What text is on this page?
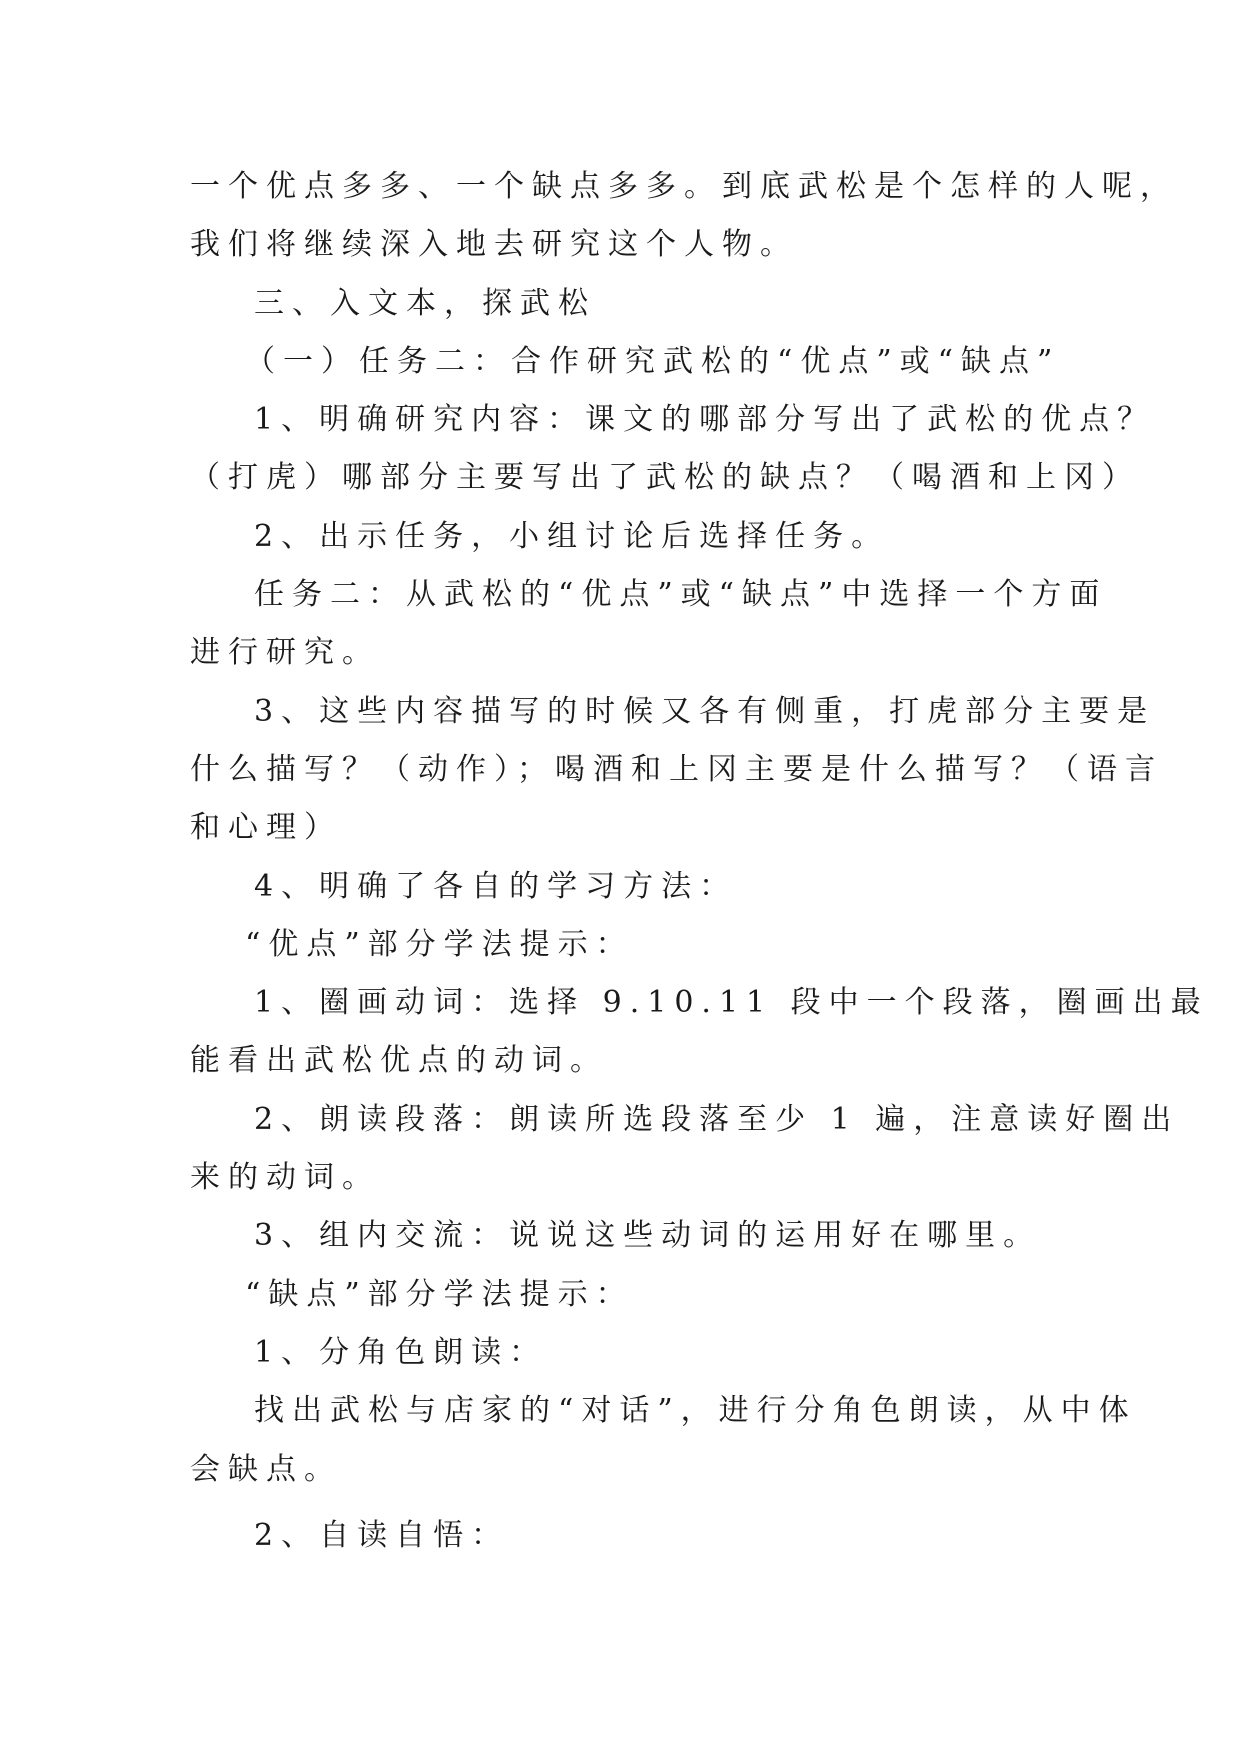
一个优点多多、一个缺点多多。到底武松是个怎样的人呢，
我们将继续深入地去研究这个人物。
三、入文本，探武松
（一）任务二：合作研究武松的“优点”或“缺点”
1、明确研究内容：课文的哪部分写出了武松的优点？
（打虎）哪部分主要写出了武松的缺点？（喝酒和上冈）
2、出示任务，小组讨论后选择任务。
任务二：从武松的“优点”或“缺点”中选择一个方面
进行研究。
3、这些内容描写的时候又各有侧重，打虎部分主要是
什么描写？（动作）；喝酒和上冈主要是什么描写？（语言
和心理）
4、明确了各自的学习方法：
“优点”部分学法提示：
1、圈画动词：选择 9.10.11 段中一个段落，圈画出最
能看出武松优点的动词。
2、朗读段落：朗读所选段落至少 1 遍，注意读好圈出
来的动词。
3、组内交流：说说这些动词的运用好在哪里。
“缺点”部分学法提示：
1、分角色朗读：
找出武松与店家的“对话”，进行分角色朗读，从中体
会缺点。
2、自读自悟：
